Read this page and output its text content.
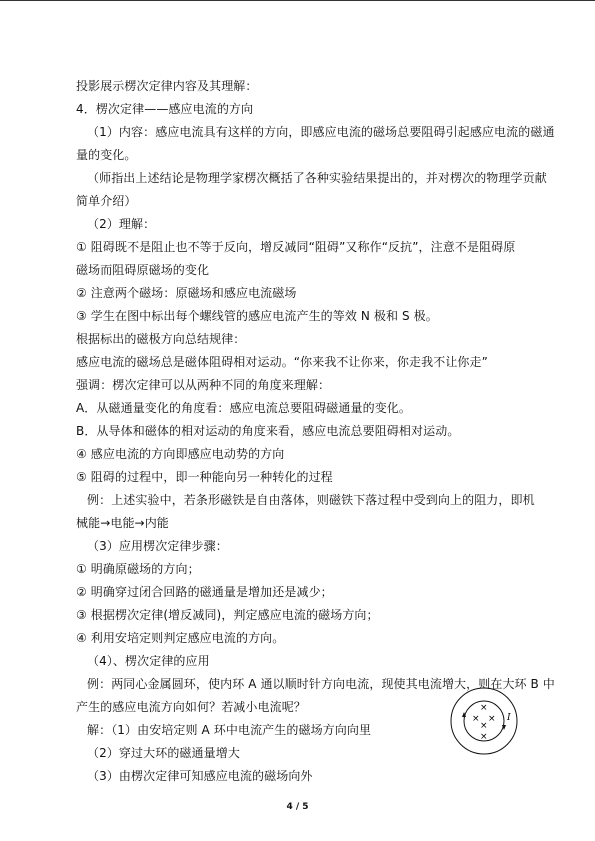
投影展示楞次定律内容及其理解：
4．楞次定律——感应电流的方向
（1）内容：感应电流具有这样的方向，即感应电流的磁场总要阻碍引起感应电流的磁通
量的变化。
（师指出上述结论是物理学家楞次概括了各种实验结果提出的，并对楞次的物理学贡献
简单介绍）
（2）理解：
① 阻碍既不是阻止也不等于反向，增反减同“阻碍”又称作“反抗”，注意不是阻碍原
磁场而阻碍原磁场的变化
② 注意两个磁场：原磁场和感应电流磁场
③ 学生在图中标出每个螺线管的感应电流产生的等效 N 极和 S 极。
根据标出的磁极方向总结规律：
感应电流的磁场总是磁体阻碍相对运动。“你来我不让你来，你走我不让你走”
强调：楞次定律可以从两种不同的角度来理解：
A．从磁通量变化的角度看：感应电流总要阻碍磁通量的变化。
B．从导体和磁体的相对运动的角度来看，感应电流总要阻碍相对运动。
④ 感应电流的方向即感应电动势的方向
⑤ 阻碍的过程中，即一种能向另一种转化的过程
例：上述实验中，若条形磁铁是自由落体，则磁铁下落过程中受到向上的阻力，即机
械能→电能→内能
（3）应用楞次定律步骤：
① 明确原磁场的方向；
② 明确穿过闭合回路的磁通量是增加还是减少；
③ 根据楞次定律(增反减同)，判定感应电流的磁场方向；
④ 利用安培定则判定感应电流的方向。
（4）、楞次定律的应用
例：两同心金属圆环，使内环 A 通以顺时针方向电流，现使其电流增大，则在大环 B 中
产生的感应电流方向如何？若减小电流呢？
解：（1）由安培定则 A 环中电流产生的磁场方向向里
（2）穿过大环的磁通量增大
（3）由楞次定律可知感应电流的磁场向外
×
× ×
×
×
I
4 / 5
